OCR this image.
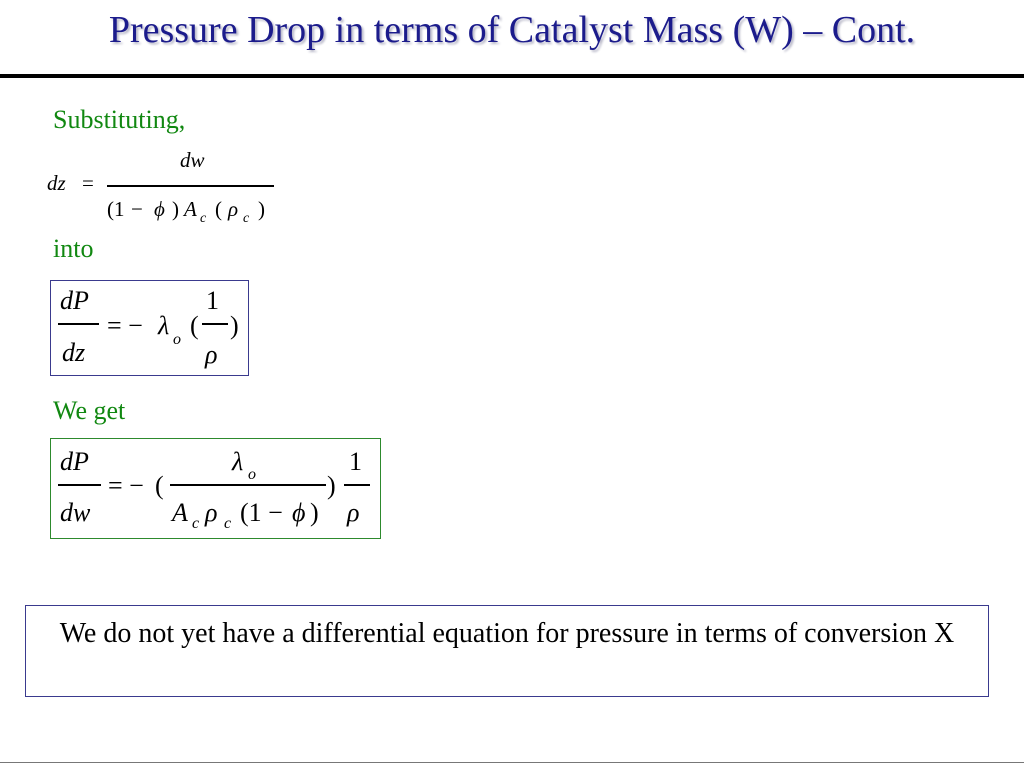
Pressure Drop in terms of Catalyst Mass (W) – Cont.
Substituting,
dz =
dw
(1 − ϕ ) A c ( ρ c )
into
dP
dz
= − λ o (
1
ρ
)
We get
dP
dw
= − (
λ o
A c ρ c (1 − ϕ )
)
1
ρ
We do not yet have a differential equation for pressure in terms of conversion X
